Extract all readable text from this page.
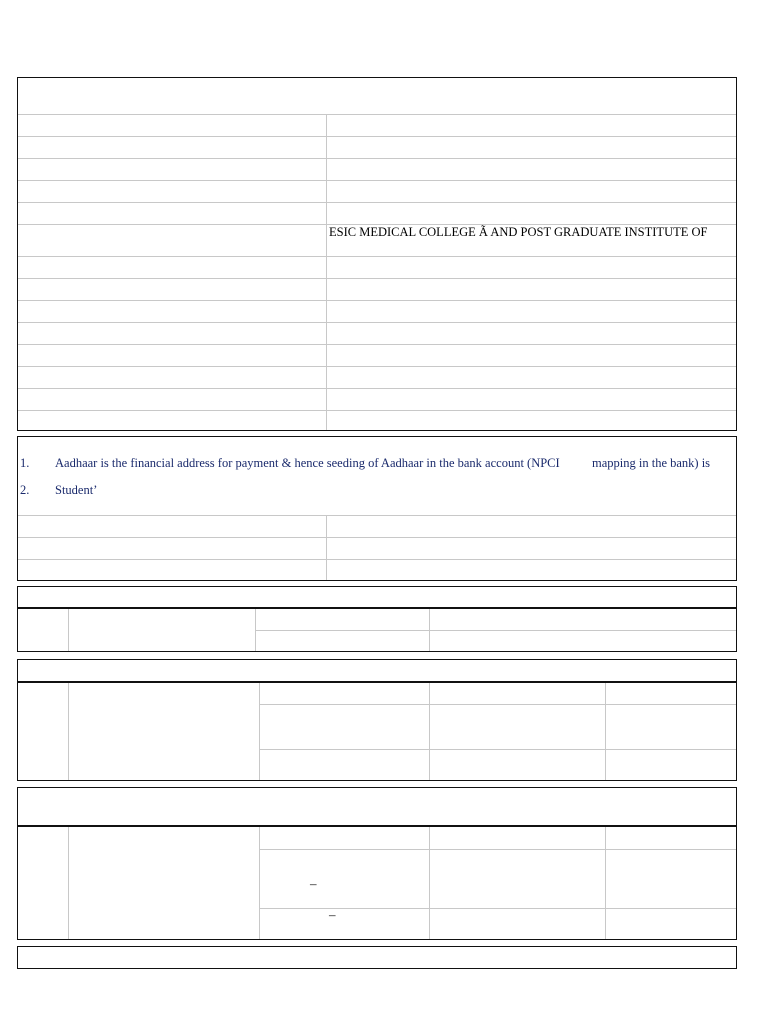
ESIC MEDICAL COLLEGE Ã AND POST GRADUATE INSTITUTE OF
1. Aadhaar is the financial address for payment & hence seeding of Aadhaar in the bank account (NPCI	mapping in the bank) is
2. Student’
–
–
